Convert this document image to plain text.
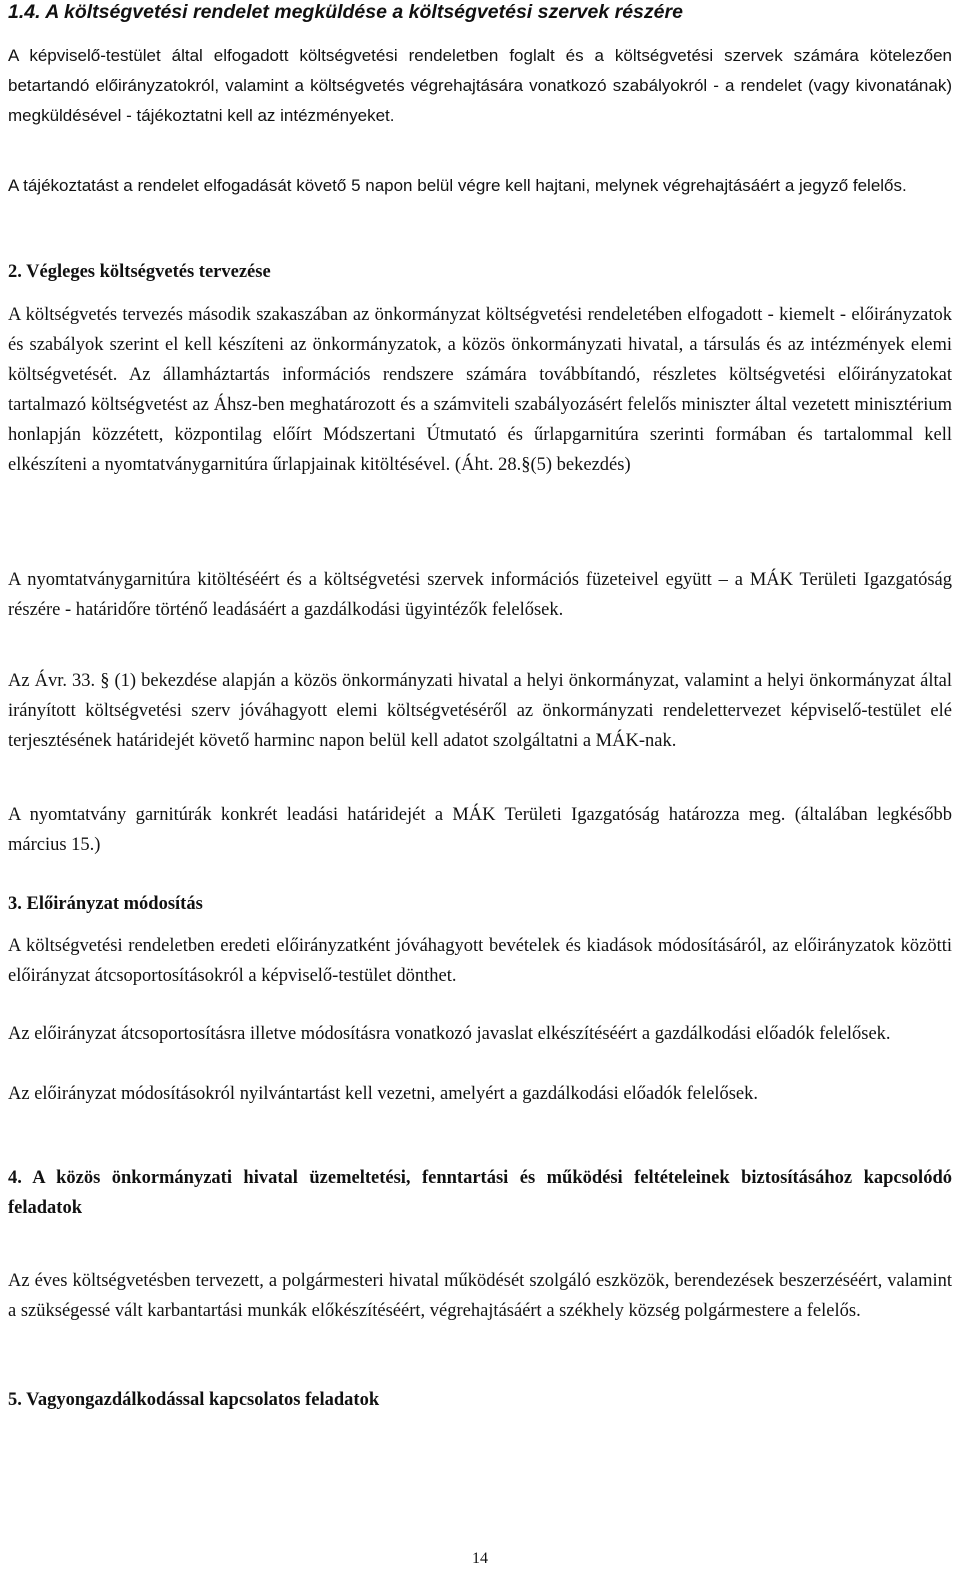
1.4. A költségvetési rendelet megküldése a költségvetési szervek részére

A képviselő-testület által elfogadott költségvetési rendeletben foglalt és a költségvetési szervek számára kötelezően betartandó előirányzatokról, valamint a költségvetés végrehajtására vonatkozó szabályokról - a rendelet (vagy kivonatának) megküldésével - tájékoztatni kell az intézményeket.

A tájékoztatást a rendelet elfogadását követő 5 napon belül végre kell hajtani, melynek végrehajtásáért a jegyző felelős.

2. Végleges költségvetés tervezése

A költségvetés tervezés második szakaszában az önkormányzat költségvetési rendeletében elfogadott - kiemelt - előirányzatok és szabályok szerint el kell készíteni az önkormányzatok, a közös önkormányzati hivatal, a társulás és az intézmények elemi költségvetését. Az államháztartás információs rendszere számára továbbítandó, részletes költségvetési előirányzatokat tartalmazó költségvetést az Áhsz-ben meghatározott és a számviteli szabályozásért felelős miniszter által vezetett minisztérium honlapján közzétett, központilag előírt Módszertani Útmutató és űrlapgarnitúra szerinti formában és tartalommal kell elkészíteni a nyomtatványgarnitúra űrlapjainak kitöltésével. (Áht. 28.§(5) bekezdés)

A nyomtatványgarnitúra kitöltéséért és a költségvetési szervek információs füzeteivel együtt – a MÁK Területi Igazgatóság részére - határidőre történő leadásáért a gazdálkodási ügyintézők felelősek.

Az Ávr. 33. § (1) bekezdése alapján a közös önkormányzati hivatal a helyi önkormányzat, valamint a helyi önkormányzat által irányított költségvetési szerv jóváhagyott elemi költségvetéséről az önkormányzati rendelettervezet képviselő-testület elé terjesztésének határidejét követő harminc napon belül kell adatot szolgáltatni a MÁK-nak.

A nyomtatvány garnitúrák konkrét leadási határidejét a MÁK Területi Igazgatóság határozza meg. (általában legkésőbb március 15.)

3. Előirányzat módosítás

A költségvetési rendeletben eredeti előirányzatként jóváhagyott bevételek és kiadások módosításáról, az előirányzatok közötti előirányzat átcsoportosításokról a képviselő-testület dönthet.

Az előirányzat átcsoportosításra illetve módosításra vonatkozó javaslat elkészítéséért a gazdálkodási előadók felelősek.

Az előirányzat módosításokról nyilvántartást kell vezetni, amelyért a gazdálkodási előadók felelősek.

4. A közös önkormányzati hivatal üzemeltetési, fenntartási és működési feltételeinek biztosításához kapcsolódó feladatok

Az éves költségvetésben tervezett, a polgármesteri hivatal működését szolgáló eszközök, berendezések beszerzéséért, valamint a szükségessé vált karbantartási munkák előkészítéséért, végrehajtásáért a székhely község polgármestere a felelős.

5. Vagyongazdálkodással kapcsolatos feladatok
14
